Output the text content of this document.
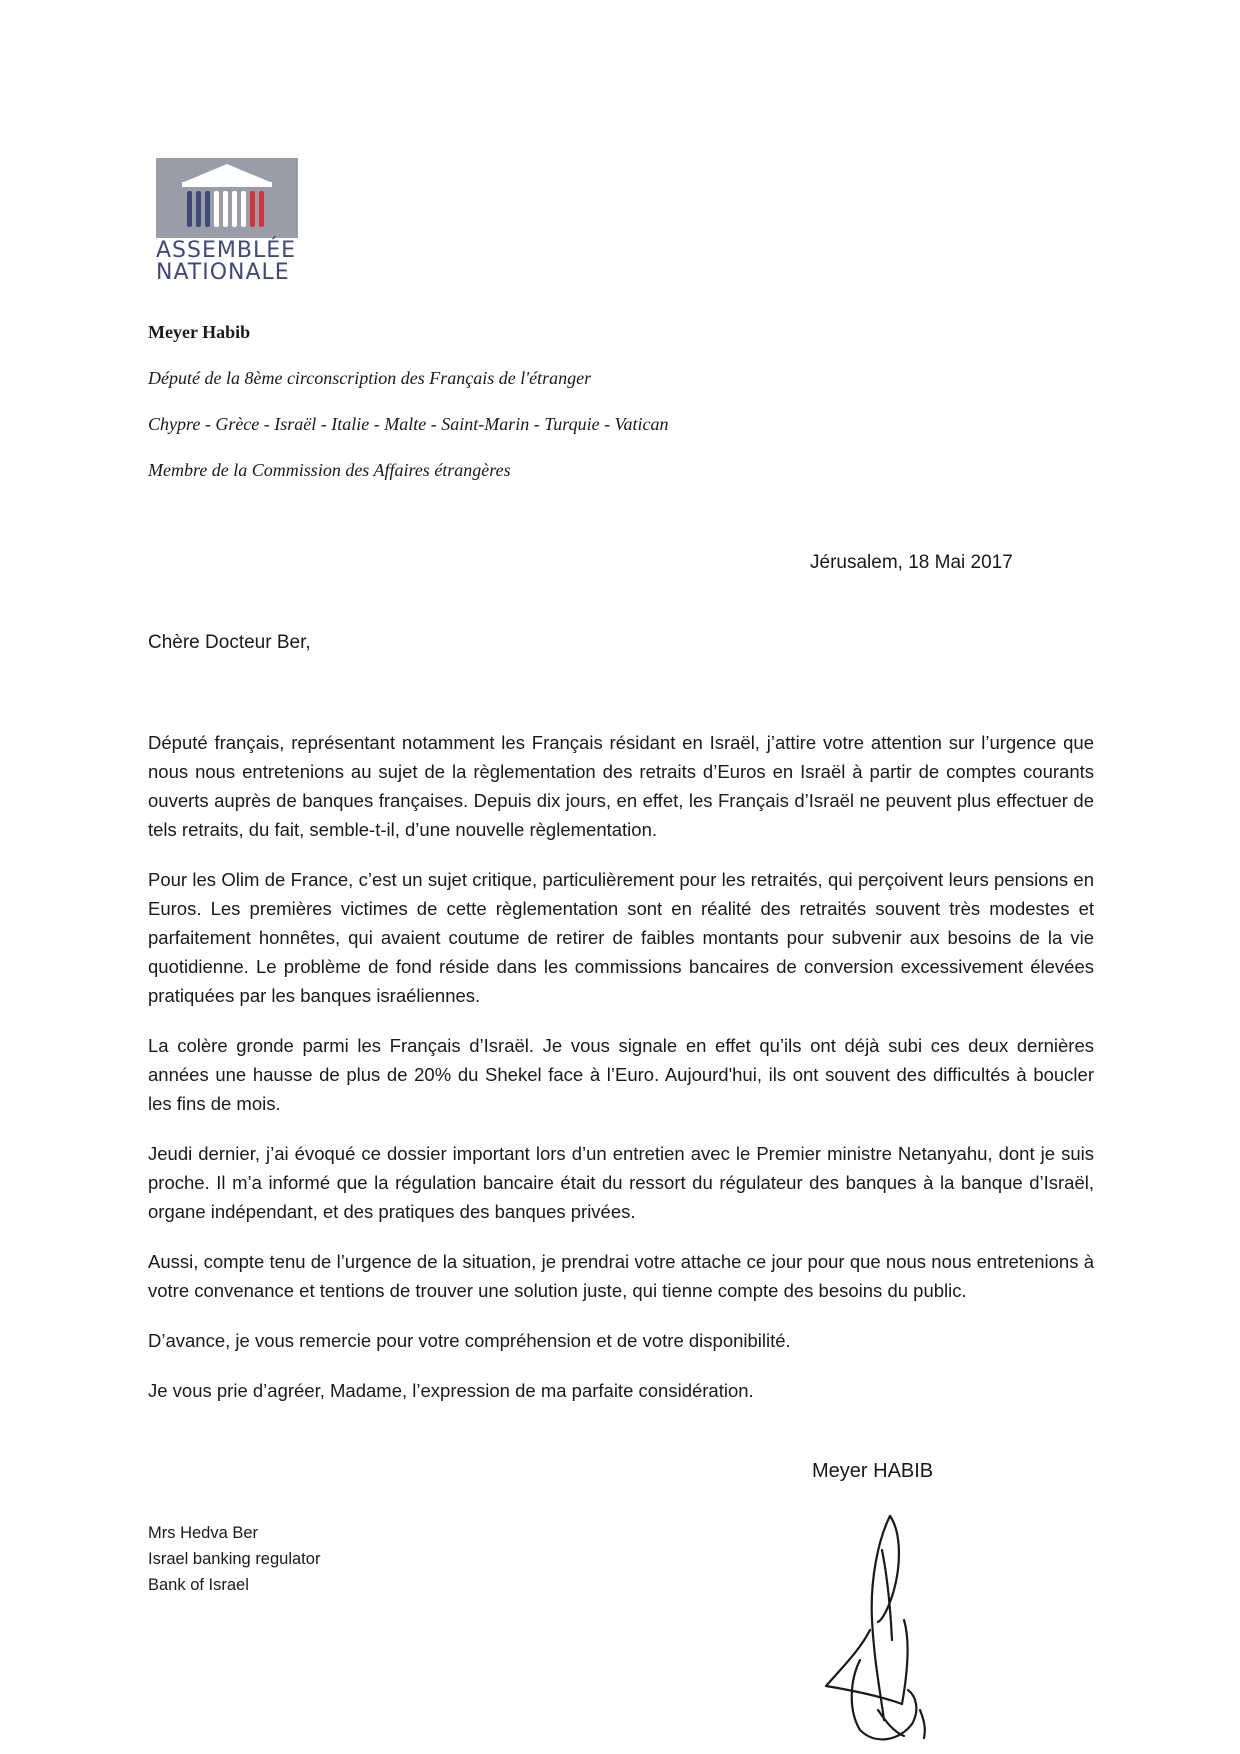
ASSEMBLÉE
NATIONALE
Meyer Habib
Député de la 8ème circonscription des Français de l'étranger
Chypre - Grèce - Israël - Italie - Malte - Saint-Marin - Turquie - Vatican
Membre de la Commission des Affaires étrangères
Jérusalem, 18 Mai 2017
Chère Docteur Ber,

Député français, représentant notamment les Français résidant en Israël, j’attire votre attention sur l’urgence que nous nous entretenions au sujet de la règlementation des retraits d’Euros en Israël à partir de comptes courants ouverts auprès de banques françaises. Depuis dix jours, en effet, les Français d’Israël ne peuvent plus effectuer de tels retraits, du fait, semble-t-il, d’une nouvelle règlementation.

Pour les Olim de France, c’est un sujet critique, particulièrement pour les retraités, qui perçoivent leurs pensions en Euros. Les premières victimes de cette règlementation sont en réalité des retraités souvent très modestes et parfaitement honnêtes, qui avaient coutume de retirer de faibles montants pour subvenir aux besoins de la vie quotidienne. Le problème de fond réside dans les commissions bancaires de conversion excessivement élevées pratiquées par les banques israéliennes.

La colère gronde parmi les Français d’Israël. Je vous signale en effet qu’ils ont déjà subi ces deux dernières années une hausse de plus de 20% du Shekel face à l’Euro. Aujourd'hui, ils ont souvent des difficultés à boucler les fins de mois.

Jeudi dernier, j’ai évoqué ce dossier important lors d’un entretien avec le Premier ministre Netanyahu, dont je suis proche. Il m’a informé que la régulation bancaire était du ressort du régulateur des banques à la banque d’Israël, organe indépendant, et des pratiques des banques privées.

Aussi, compte tenu de l’urgence de la situation, je prendrai votre attache ce jour pour que nous nous entretenions à votre convenance et tentions de trouver une solution juste, qui tienne compte des besoins du public.

D’avance, je vous remercie pour votre compréhension et de votre disponibilité.

Je vous prie d’agréer, Madame, l’expression de ma parfaite considération.

Meyer HABIB
Mrs Hedva Ber
Israel banking regulator
Bank of Israel
